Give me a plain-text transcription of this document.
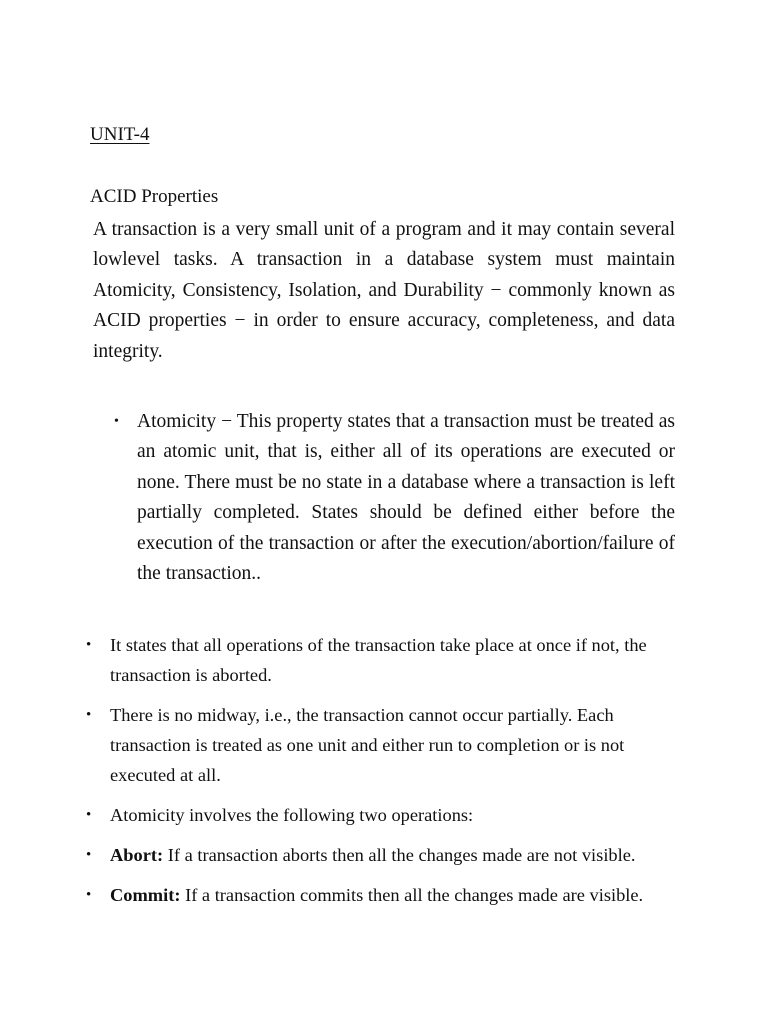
UNIT-4
ACID Properties

A transaction is a very small unit of a program and it may contain several lowlevel tasks. A transaction in a database system must maintain Atomicity, Consistency, Isolation, and Durability − commonly known as ACID properties − in order to ensure accuracy, completeness, and data integrity.

• Atomicity − This property states that a transaction must be treated as an atomic unit, that is, either all of its operations are executed or none. There must be no state in a database where a transaction is left partially completed. States should be defined either before the execution of the transaction or after the execution/abortion/failure of the transaction..
• It states that all operations of the transaction take place at once if not, the transaction is aborted.
• There is no midway, i.e., the transaction cannot occur partially. Each transaction is treated as one unit and either run to completion or is not executed at all.
• Atomicity involves the following two operations:
• Abort: If a transaction aborts then all the changes made are not visible.
• Commit: If a transaction commits then all the changes made are visible.
